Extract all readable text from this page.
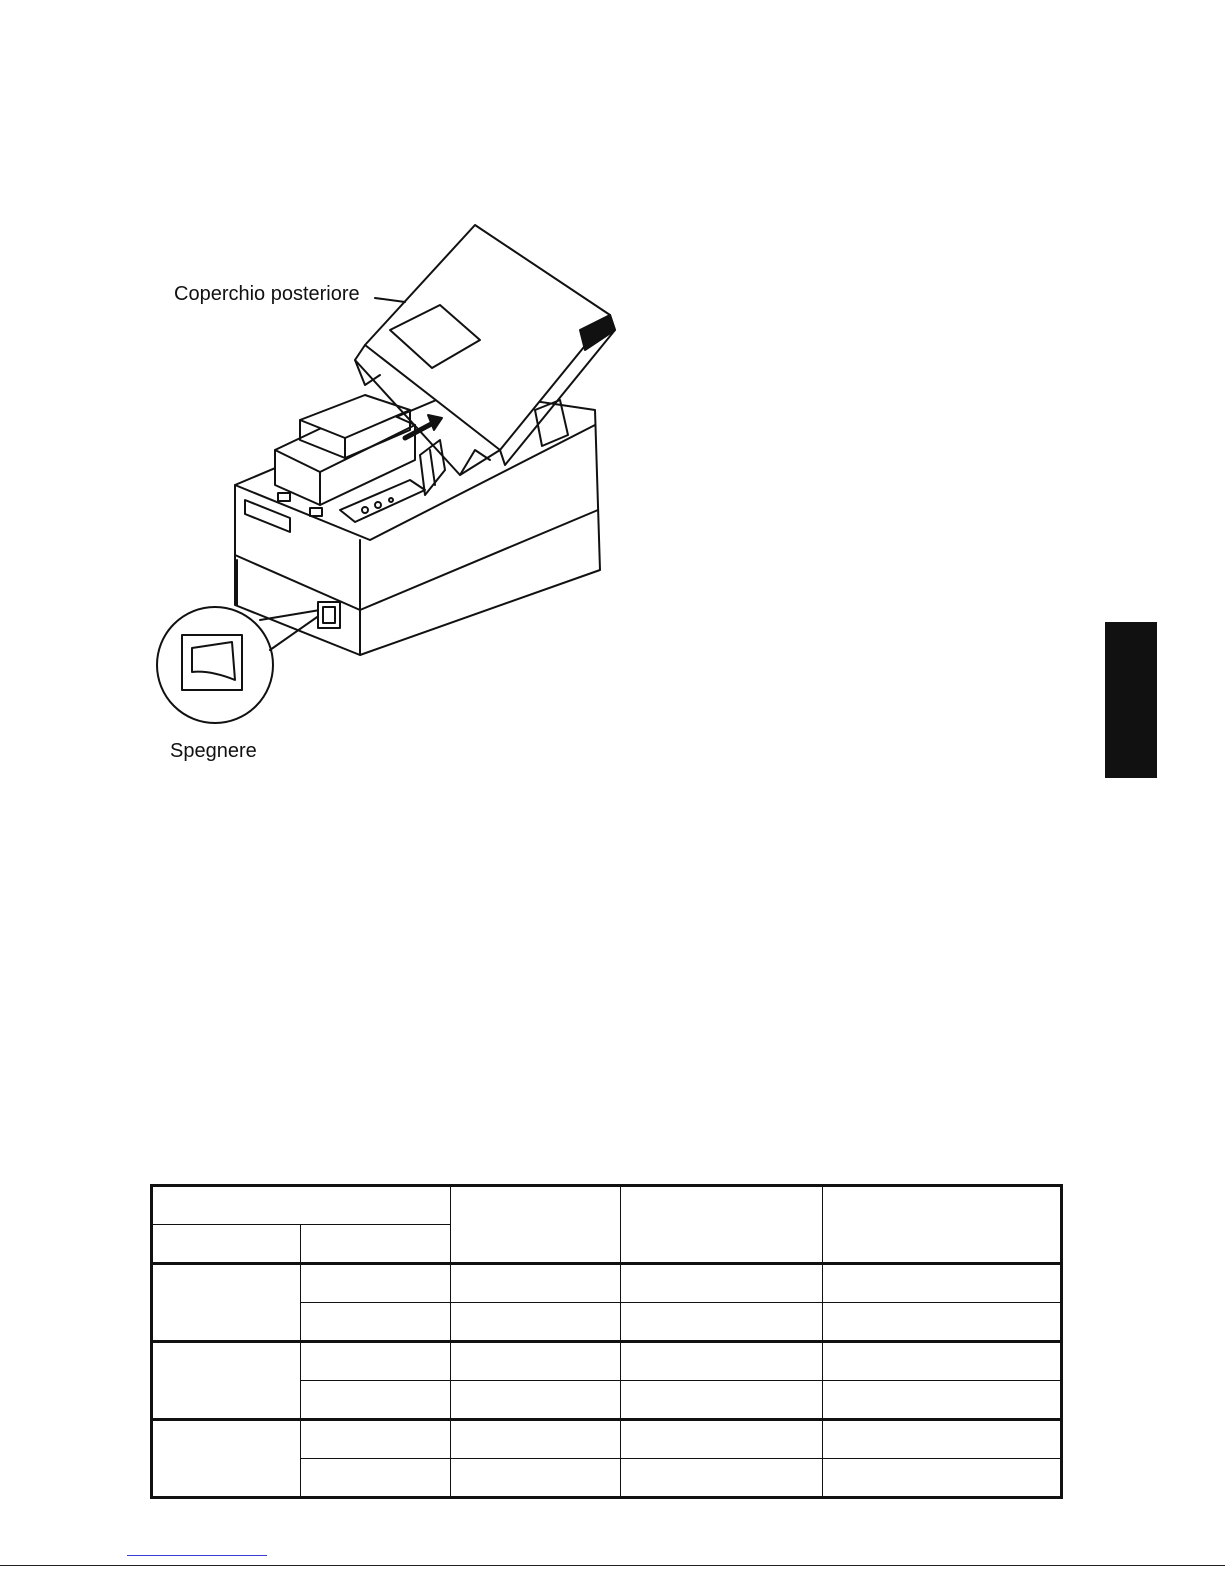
Coperchio posteriore
Spegnere
